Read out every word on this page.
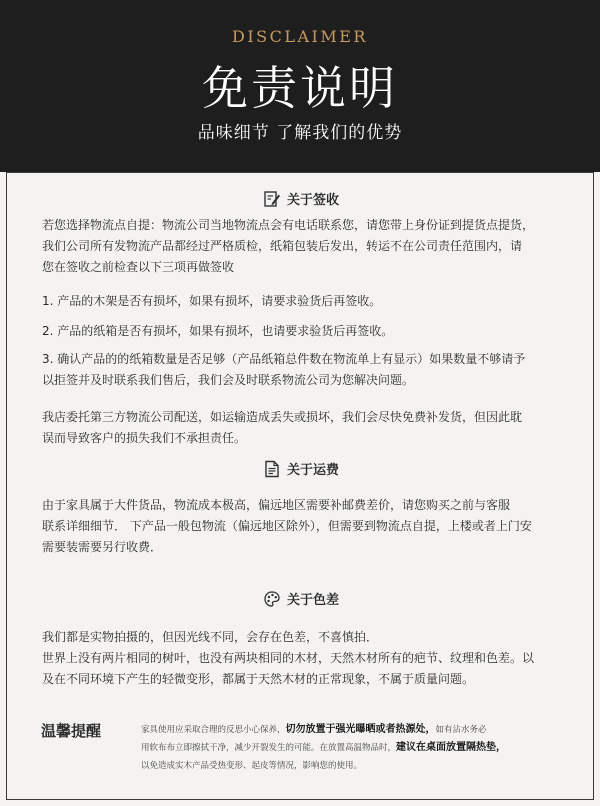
DISCLAIMER
免责说明
品味细节 了解我们的优势
关于签收
若您选择物流点自提：物流公司当地物流点会有电话联系您，请您带上身份证到提货点提货，
我们公司所有发物流产品都经过严格质检，纸箱包装后发出，转运不在公司责任范围内，请
您在签收之前检查以下三项再做签收
1. 产品的木架是否有损坏，如果有损坏，请要求验货后再签收。
2. 产品的纸箱是否有损坏，如果有损坏，也请要求验货后再签收。
3. 确认产品的的纸箱数量是否足够（产品纸箱总件数在物流单上有显示）如果数量不够请予
以拒签并及时联系我们售后，我们会及时联系物流公司为您解决问题。
我店委托第三方物流公司配送，如运输造成丢失或损坏，我们会尽快免费补发货，但因此耽
误而导致客户的损失我们不承担责任。
关于运费
由于家具属于大件货品，物流成本极高，偏远地区需要补邮费差价，请您购买之前与客服
联系详细细节． 下产品一般包物流（偏远地区除外），但需要到物流点自提，上楼或者上门安
需要装需要另行收费．
关于色差
我们都是实物拍摄的，但因光线不同，会存在色差，不喜慎拍．
世界上没有两片相同的树叶，也没有两块相同的木材，天然木材所有的疤节、纹理和色差。以
及在不同环境下产生的轻微变形，都属于天然木材的正常现象，不属于质量问题。
温馨提醒	家具使用应采取合理的反思小心保养，切勿放置于强光曝晒或者热源处，如有沾水务必
用软布布立即擦拭干净，减少开裂发生的可能。在放置高温物品时，建议在桌面放置隔热垫，
以免造成实木产品受热变形、起皮等情况，影响您的使用。
